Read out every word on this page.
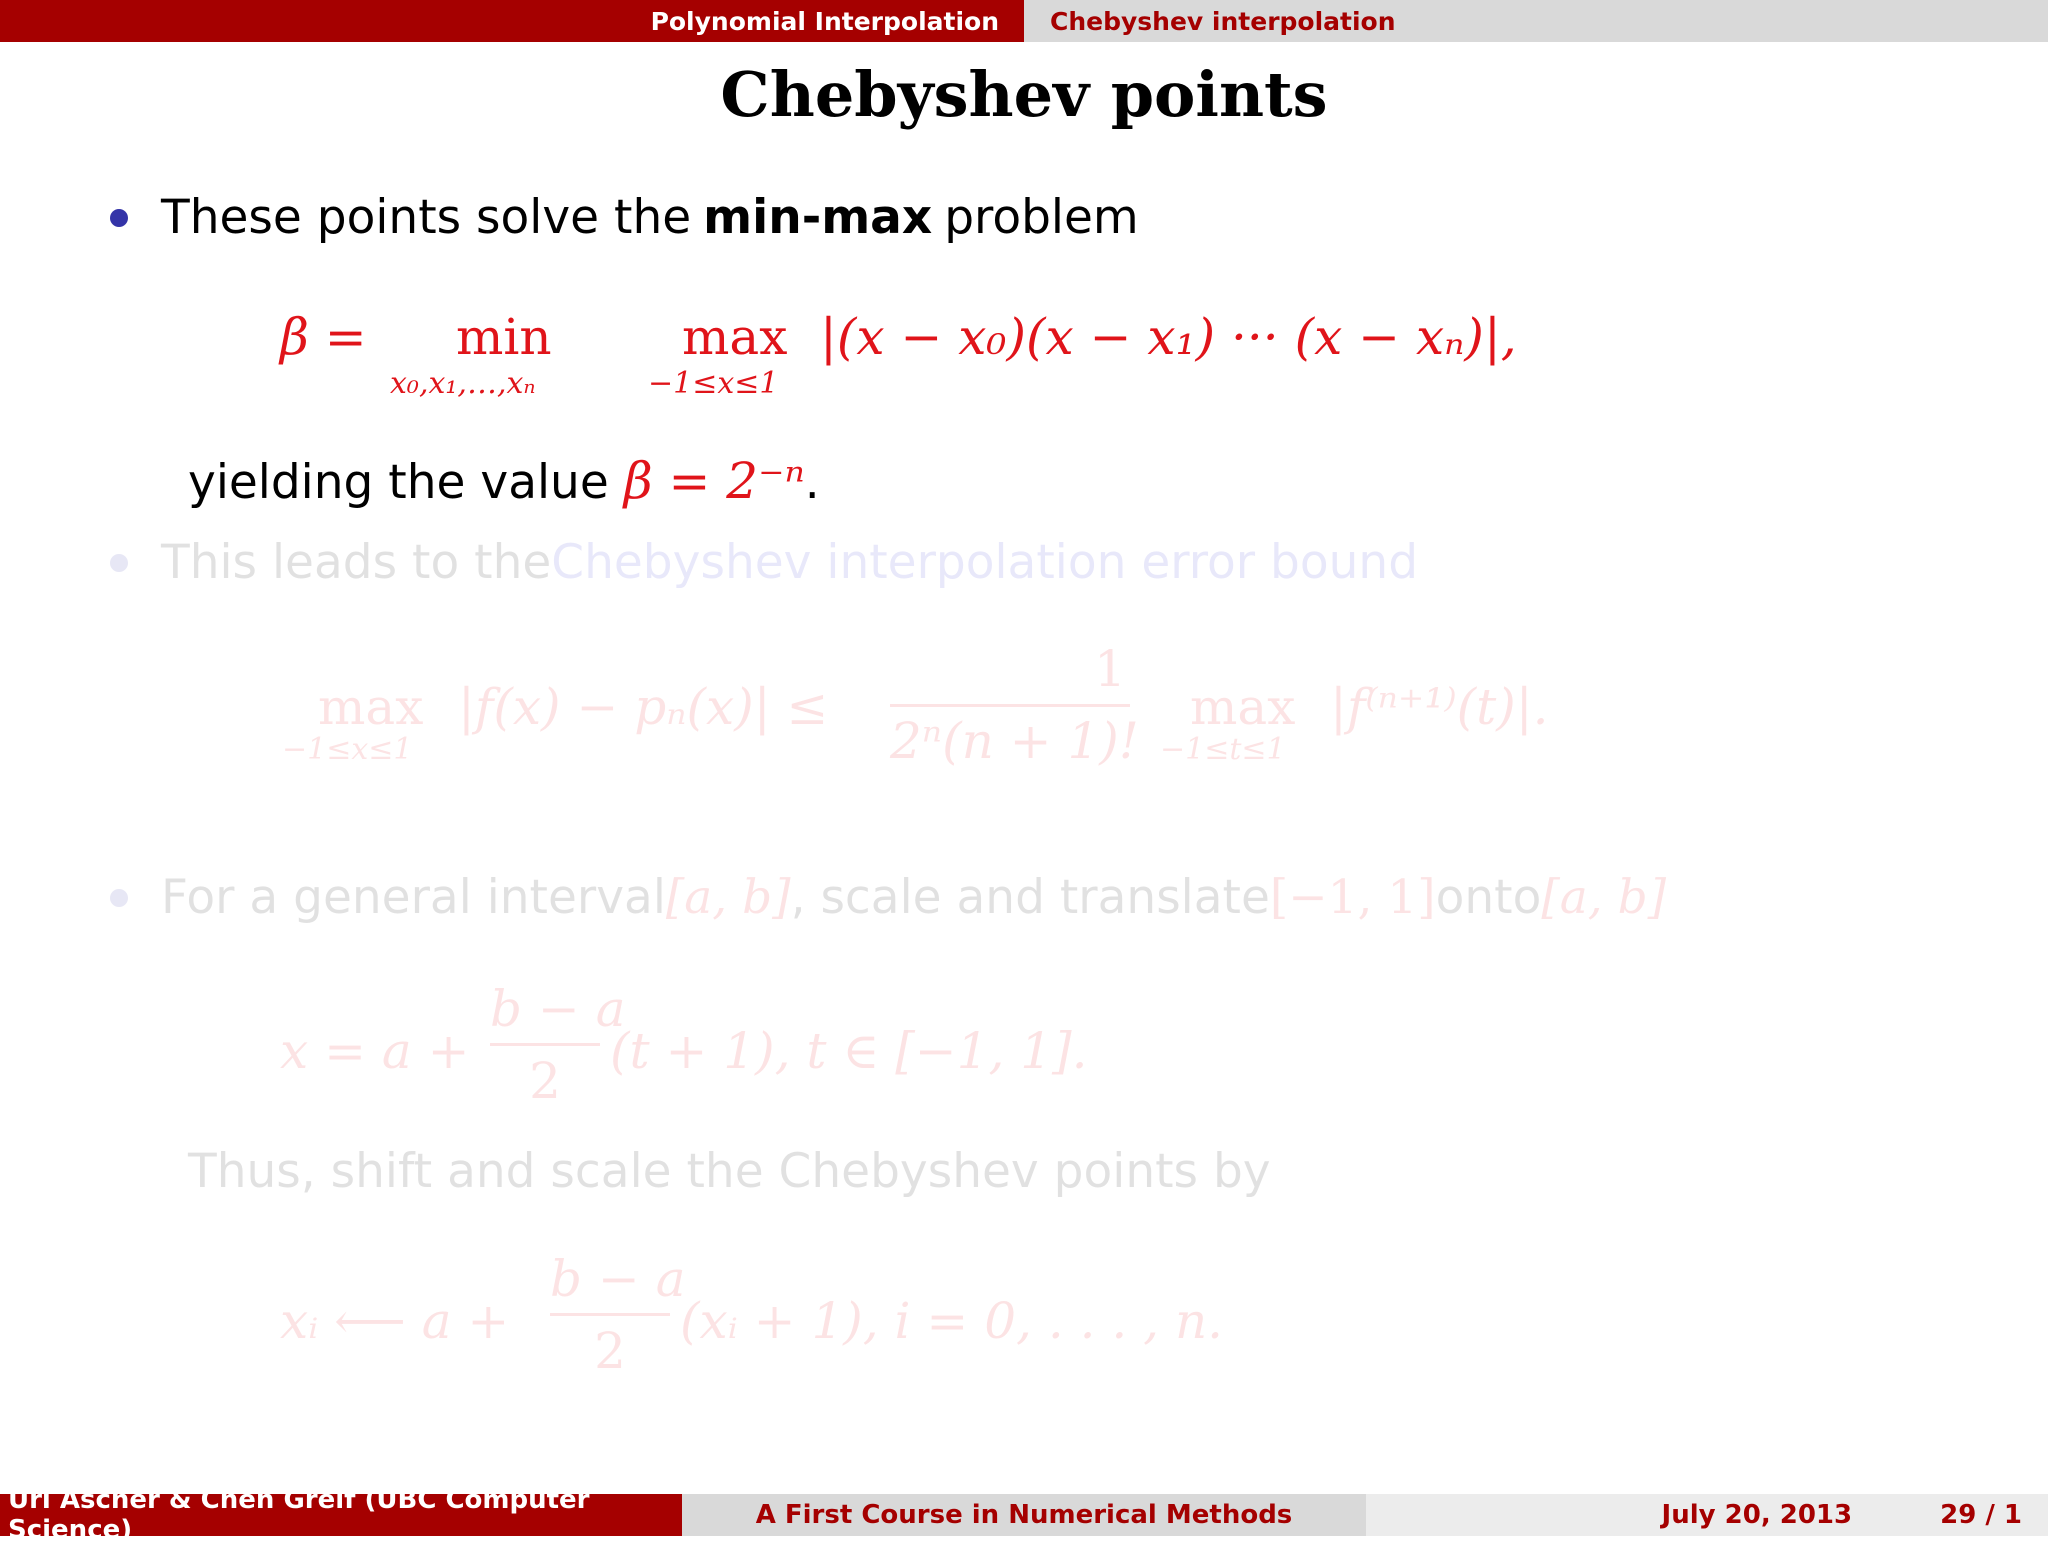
Polynomial Interpolation Chebyshev interpolation
Chebyshev points
These points solve the min-max problem
β = min
x₀,x₁,…,xₙ
max
−1≤x≤1
|(x − x₀)(x − x₁) ··· (x − xₙ)|,
yielding the value β = 2⁻ⁿ.
This leads to the Chebyshev interpolation error bound
max
−1≤x≤1
|f(x) − pₙ(x)| ≤
1
2ⁿ(n + 1)!
max
−1≤t≤1
|f⁽ⁿ⁺¹⁾(t)|.
For a general interval [a, b] , scale and translate [−1, 1] onto [a, b]
x = a +
b − a
2
(t + 1), t ∈ [−1, 1].
Thus, shift and scale the Chebyshev points by
xᵢ ⟵ a +
b − a
2
(xᵢ + 1), i = 0, . . . , n.
Uri Ascher & Chen Greif (UBC Computer Science)	A First Course in Numerical Methods	July 20, 2013	29 / 1
